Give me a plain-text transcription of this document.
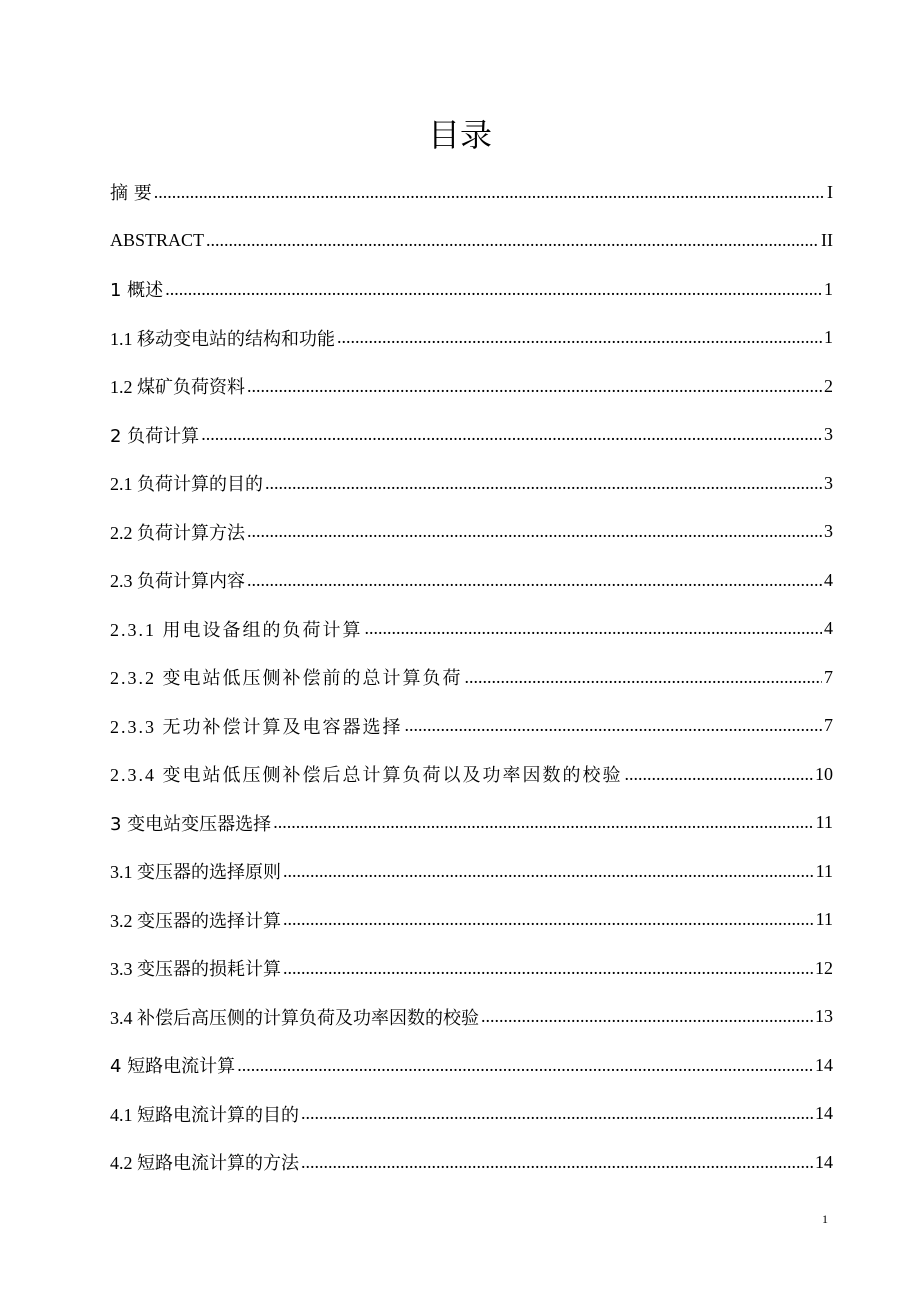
目录
摘 要 .....	I
ABSTRACT .....	II
1 概述 .....	1
1.1 移动变电站的结构和功能 .....	1
1.2 煤矿负荷资料 .....	2
2 负荷计算 .....	3
2.1 负荷计算的目的 .....	3
2.2 负荷计算方法 .....	3
2.3 负荷计算内容 .....	4
2.3.1 用电设备组的负荷计算 .....	4
2.3.2 变电站低压侧补偿前的总计算负荷 .....	7
2.3.3 无功补偿计算及电容器选择 .....	7
2.3.4 变电站低压侧补偿后总计算负荷以及功率因数的校验 .....	10
3 变电站变压器选择 .....	11
3.1 变压器的选择原则 .....	11
3.2 变压器的选择计算 .....	11
3.3 变压器的损耗计算 .....	12
3.4 补偿后高压侧的计算负荷及功率因数的校验 .....	13
4 短路电流计算 .....	14
4.1 短路电流计算的目的 .....	14
4.2 短路电流计算的方法 .....	14
1
